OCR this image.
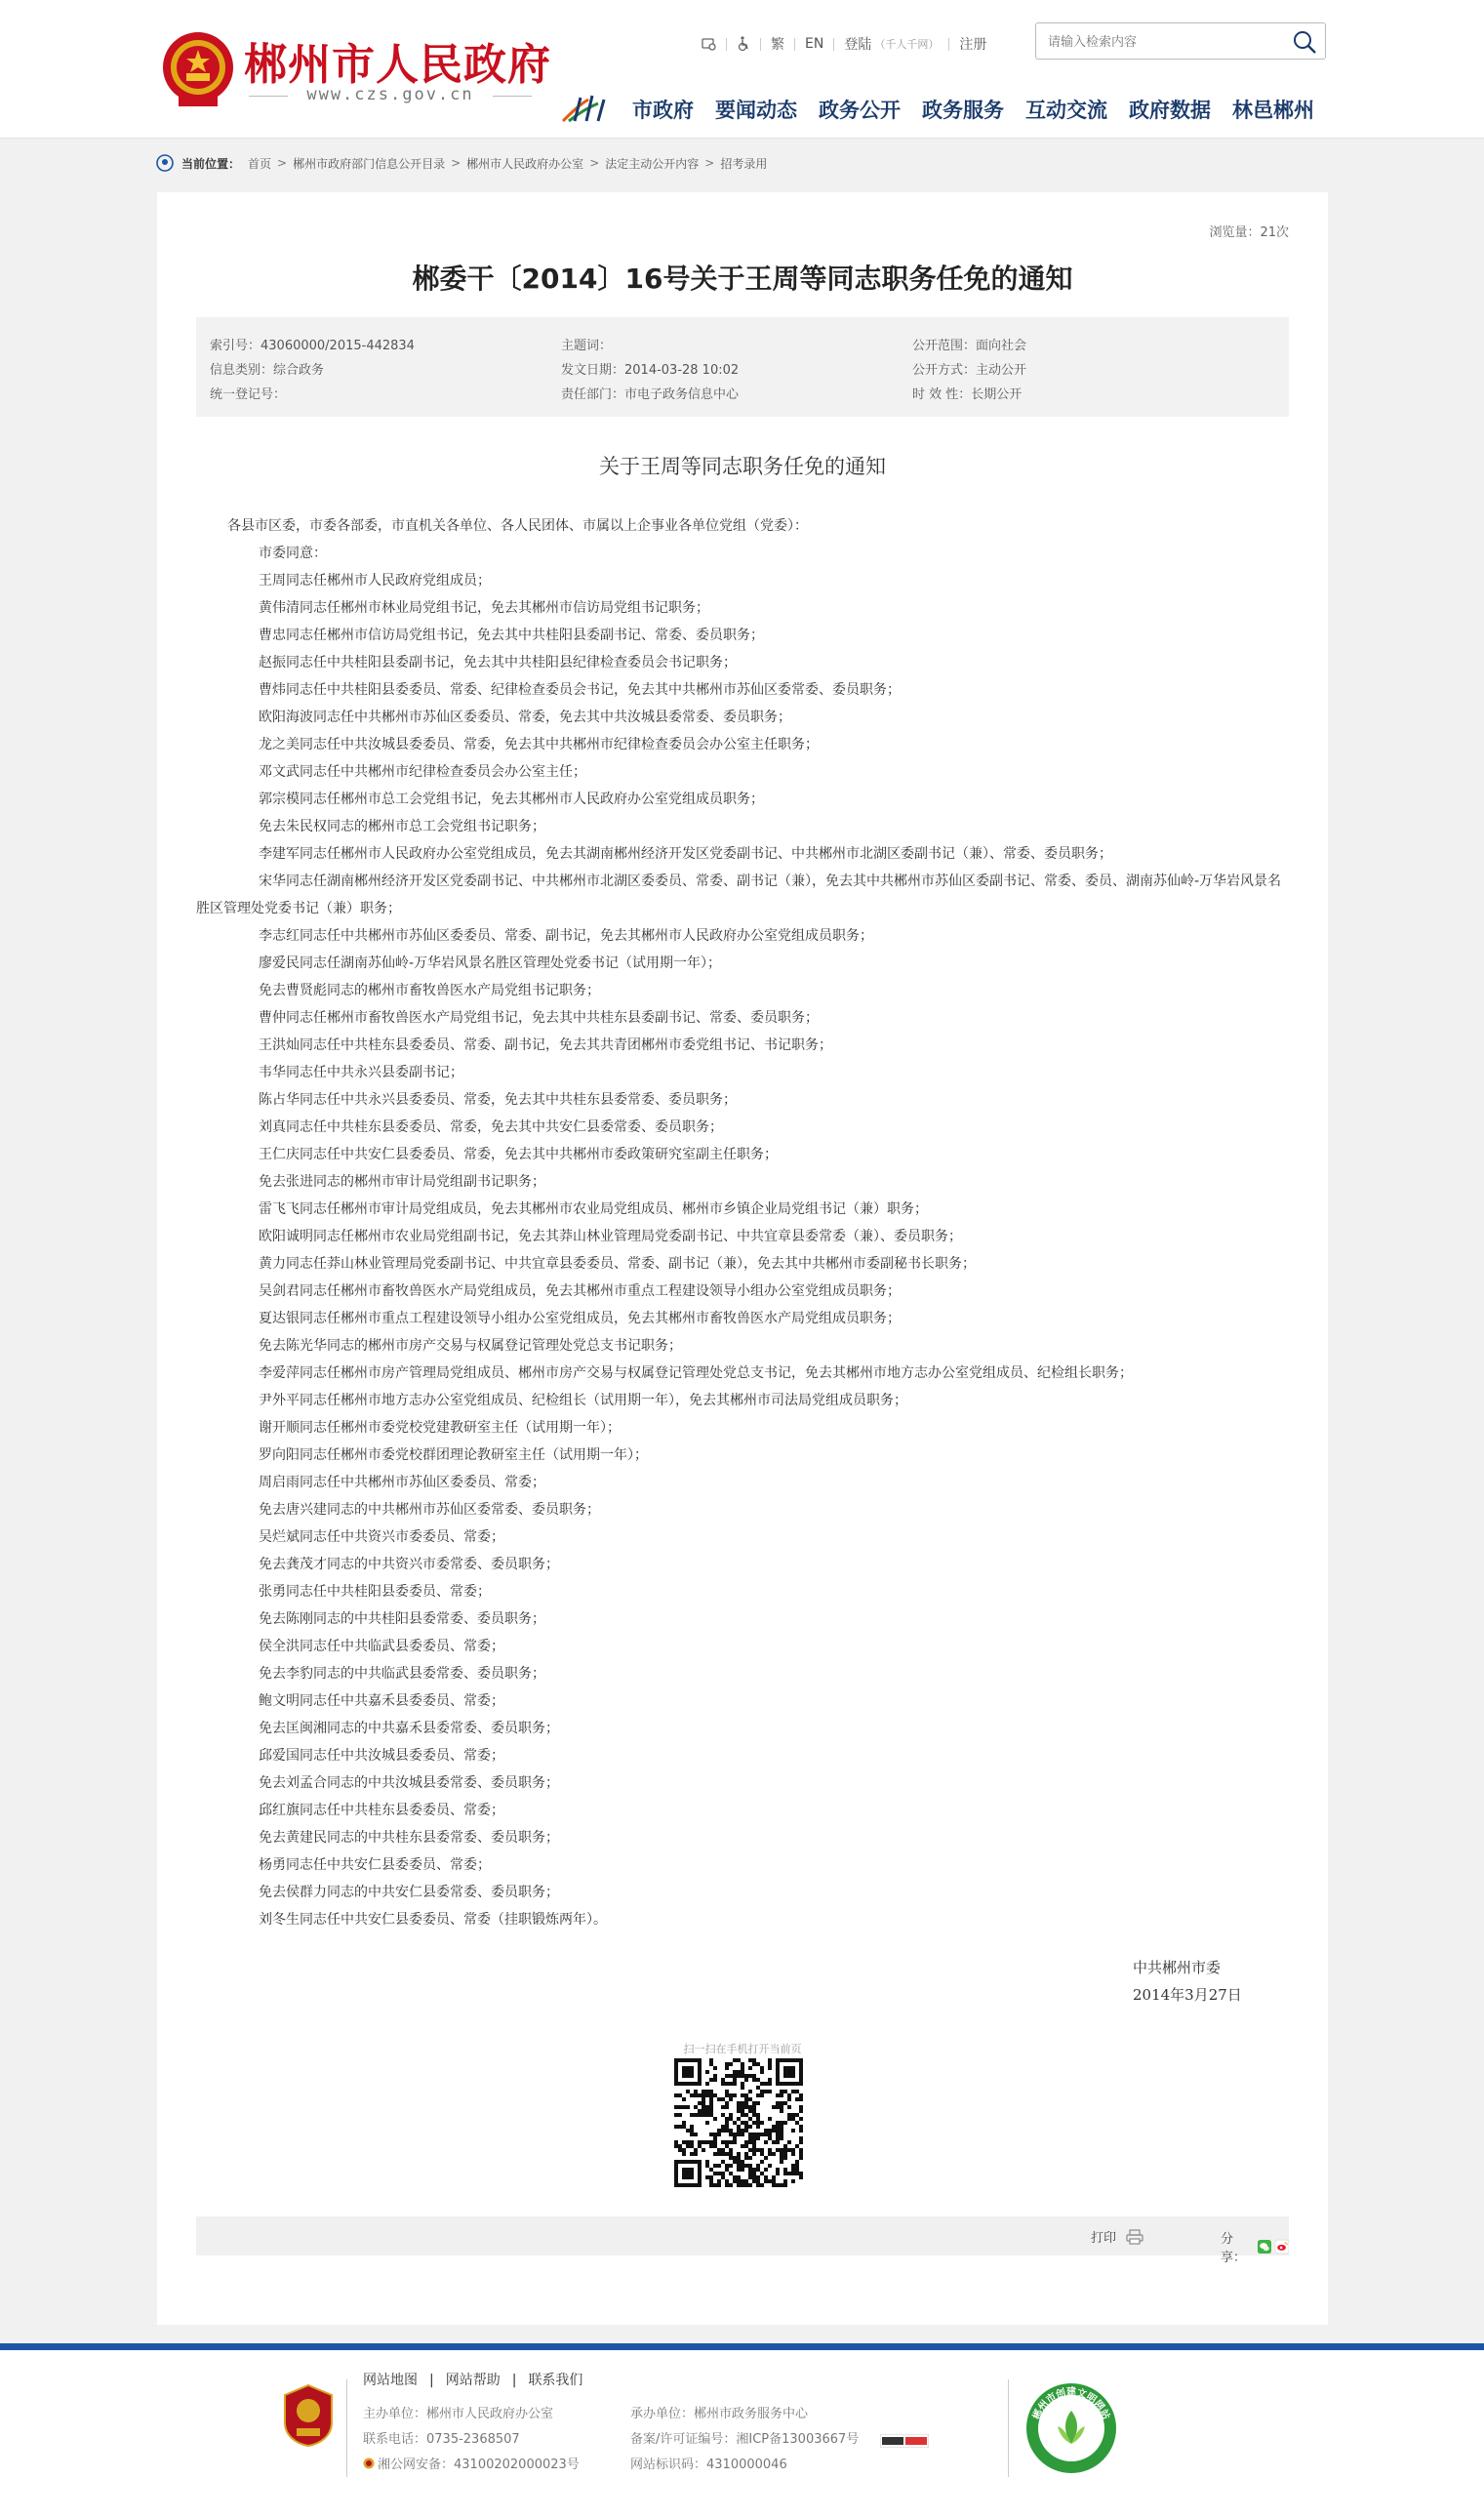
郴州市人民政府
www.czs.gov.cn
繁 EN 登陆 （千人千网） 注册
请输入检索内容
市政府 要闻动态 政务公开 政务服务 互动交流 政府数据 林邑郴州
当前位置： 首页 > 郴州市政府部门信息公开目录 > 郴州市人民政府办公室 > 法定主动公开内容 > 招考录用
浏览量：21次
郴委干〔2014〕16号关于王周等同志职务任免的通知
索引号：43060000/2015-442834	主题词：	公开范围：面向社会
信息类别：综合政务	发文日期：2014-03-28 10:02	公开方式：主动公开
统一登记号：	责任部门：市电子政务信息中心	时 效 性：长期公开
关于王周等同志职务任免的通知

各县市区委，市委各部委，市直机关各单位、各人民团体、市属以上企事业各单位党组（党委）：

市委同意：

王周同志任郴州市人民政府党组成员；

黄伟清同志任郴州市林业局党组书记，免去其郴州市信访局党组书记职务；

曹忠同志任郴州市信访局党组书记，免去其中共桂阳县委副书记、常委、委员职务；

赵振同志任中共桂阳县委副书记，免去其中共桂阳县纪律检查委员会书记职务；

曹炜同志任中共桂阳县委委员、常委、纪律检查委员会书记，免去其中共郴州市苏仙区委常委、委员职务；

欧阳海波同志任中共郴州市苏仙区委委员、常委，免去其中共汝城县委常委、委员职务；

龙之美同志任中共汝城县委委员、常委，免去其中共郴州市纪律检查委员会办公室主任职务；

邓文武同志任中共郴州市纪律检查委员会办公室主任；

郭宗模同志任郴州市总工会党组书记，免去其郴州市人民政府办公室党组成员职务；

免去朱民权同志的郴州市总工会党组书记职务；

李建军同志任郴州市人民政府办公室党组成员，免去其湖南郴州经济开发区党委副书记、中共郴州市北湖区委副书记（兼）、常委、委员职务；

宋华同志任湖南郴州经济开发区党委副书记、中共郴州市北湖区委委员、常委、副书记（兼），免去其中共郴州市苏仙区委副书记、常委、委员、湖南苏仙岭-万华岩风景名胜区管理处党委书记（兼）职务；

李志红同志任中共郴州市苏仙区委委员、常委、副书记，免去其郴州市人民政府办公室党组成员职务；

廖爱民同志任湖南苏仙岭-万华岩风景名胜区管理处党委书记（试用期一年）；

免去曹贤彪同志的郴州市畜牧兽医水产局党组书记职务；

曹仲同志任郴州市畜牧兽医水产局党组书记，免去其中共桂东县委副书记、常委、委员职务；

王洪灿同志任中共桂东县委委员、常委、副书记，免去其共青团郴州市委党组书记、书记职务；

韦华同志任中共永兴县委副书记；

陈占华同志任中共永兴县委委员、常委，免去其中共桂东县委常委、委员职务；

刘真同志任中共桂东县委委员、常委，免去其中共安仁县委常委、委员职务；

王仁庆同志任中共安仁县委委员、常委，免去其中共郴州市委政策研究室副主任职务；

免去张进同志的郴州市审计局党组副书记职务；

雷飞飞同志任郴州市审计局党组成员，免去其郴州市农业局党组成员、郴州市乡镇企业局党组书记（兼）职务；

欧阳诚明同志任郴州市农业局党组副书记，免去其莽山林业管理局党委副书记、中共宜章县委常委（兼）、委员职务；

黄力同志任莽山林业管理局党委副书记、中共宜章县委委员、常委、副书记（兼），免去其中共郴州市委副秘书长职务；

吴剑君同志任郴州市畜牧兽医水产局党组成员，免去其郴州市重点工程建设领导小组办公室党组成员职务；

夏达银同志任郴州市重点工程建设领导小组办公室党组成员，免去其郴州市畜牧兽医水产局党组成员职务；

免去陈光华同志的郴州市房产交易与权属登记管理处党总支书记职务；

李爱萍同志任郴州市房产管理局党组成员、郴州市房产交易与权属登记管理处党总支书记，免去其郴州市地方志办公室党组成员、纪检组长职务；

尹外平同志任郴州市地方志办公室党组成员、纪检组长（试用期一年），免去其郴州市司法局党组成员职务；

谢开顺同志任郴州市委党校党建教研室主任（试用期一年）；

罗向阳同志任郴州市委党校群团理论教研室主任（试用期一年）；

周启雨同志任中共郴州市苏仙区委委员、常委；

免去唐兴建同志的中共郴州市苏仙区委常委、委员职务；

吴烂斌同志任中共资兴市委委员、常委；

免去龚茂才同志的中共资兴市委常委、委员职务；

张勇同志任中共桂阳县委委员、常委；

免去陈刚同志的中共桂阳县委常委、委员职务；

侯全洪同志任中共临武县委委员、常委；

免去李豹同志的中共临武县委常委、委员职务；

鲍文明同志任中共嘉禾县委委员、常委；

免去匡闽湘同志的中共嘉禾县委常委、委员职务；

邱爱国同志任中共汝城县委委员、常委；

免去刘孟合同志的中共汝城县委常委、委员职务；

邱红旗同志任中共桂东县委委员、常委；

免去黄建民同志的中共桂东县委常委、委员职务；

杨勇同志任中共安仁县委委员、常委；

免去侯群力同志的中共安仁县委常委、委员职务；

刘冬生同志任中共安仁县委委员、常委（挂职锻炼两年）。

中共郴州市委
2014年3月27日
扫一扫在手机打开当前页
打印	分享：
网站地图 | 网站帮助 | 联系我们
主办单位：郴州市人民政府办公室
联系电话：0735-2368507
湘公网安备：43100202000023号
承办单位：郴州市政务服务中心
备案/许可证编号：湘ICP备13003667号
网站标识码：4310000046
郴州市创建文明网站
